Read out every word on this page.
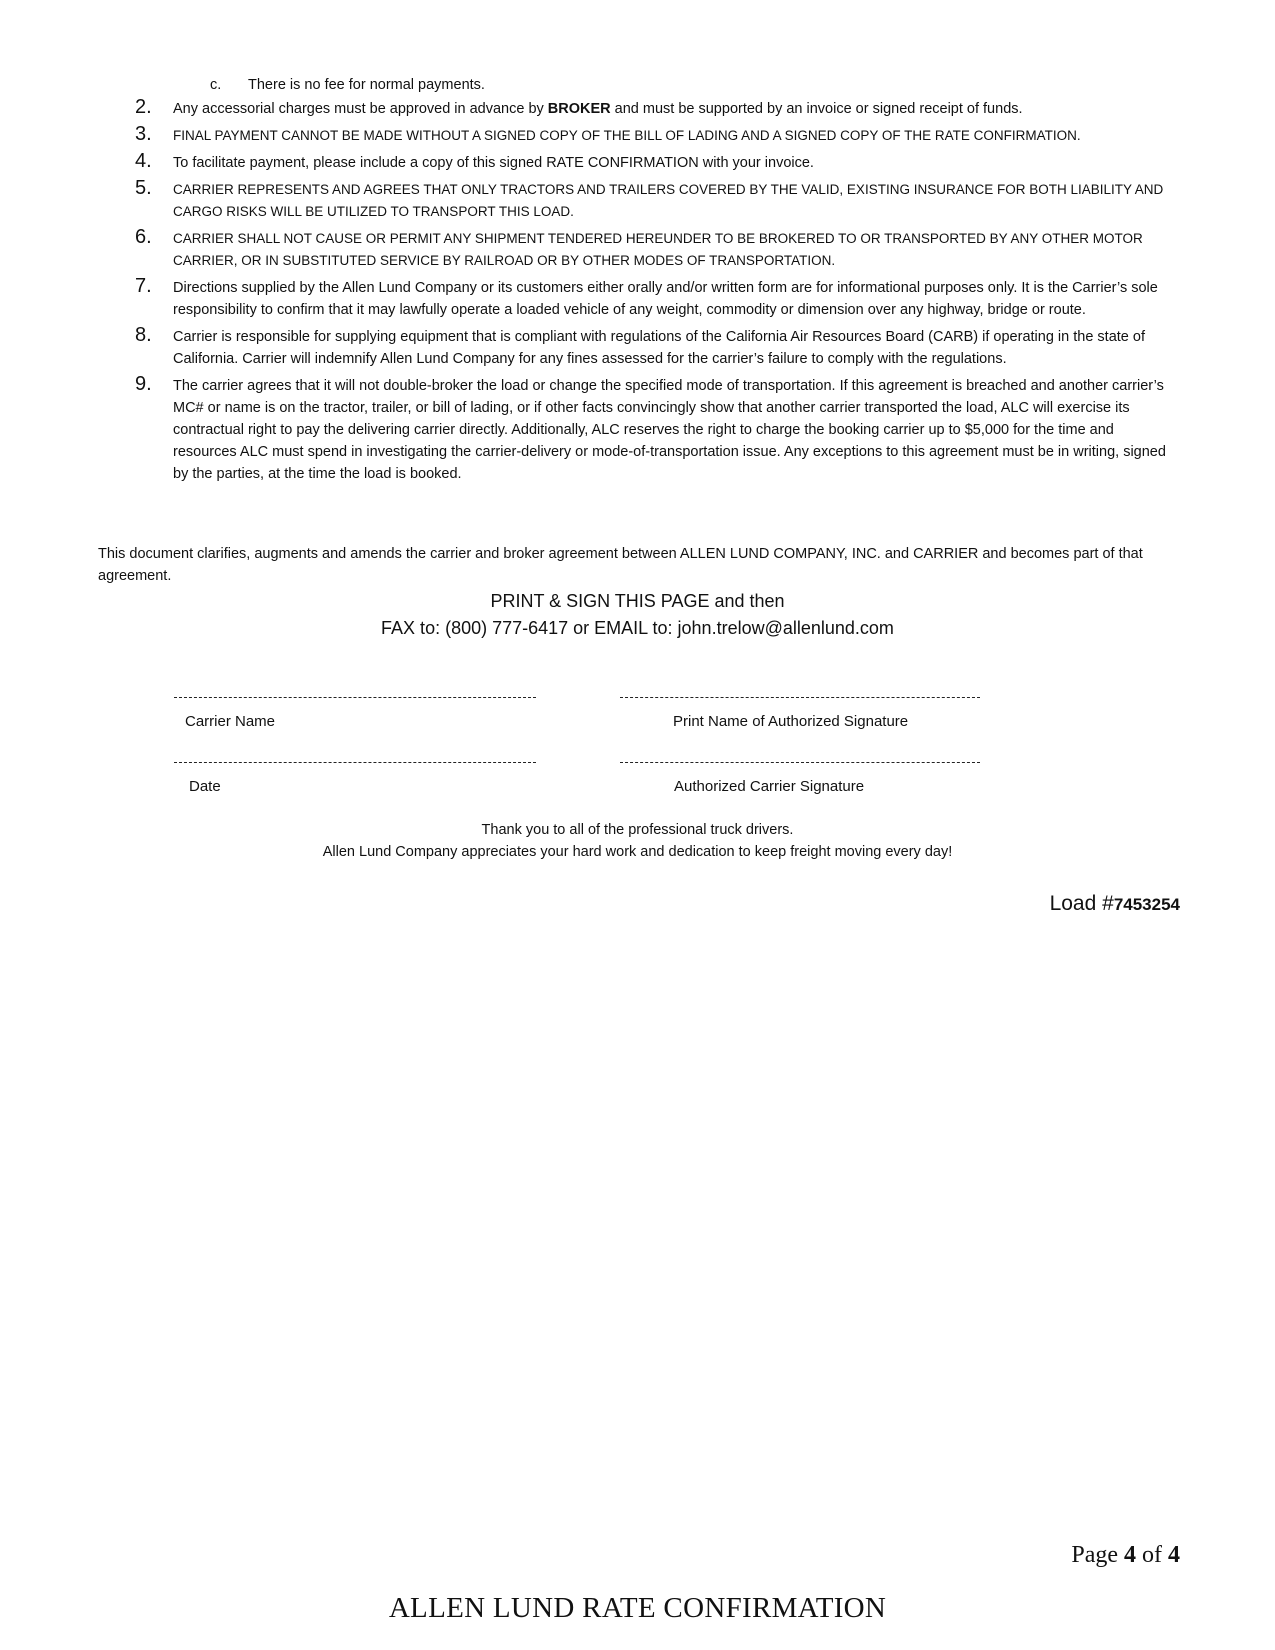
c. There is no fee for normal payments.
2. Any accessorial charges must be approved in advance by BROKER and must be supported by an invoice or signed receipt of funds.
3. FINAL PAYMENT CANNOT BE MADE WITHOUT A SIGNED COPY OF THE BILL OF LADING AND A SIGNED COPY OF THE RATE CONFIRMATION.
4. To facilitate payment, please include a copy of this signed RATE CONFIRMATION with your invoice.
5. CARRIER REPRESENTS AND AGREES THAT ONLY TRACTORS AND TRAILERS COVERED BY THE VALID, EXISTING INSURANCE FOR BOTH LIABILITY AND CARGO RISKS WILL BE UTILIZED TO TRANSPORT THIS LOAD.
6. CARRIER SHALL NOT CAUSE OR PERMIT ANY SHIPMENT TENDERED HEREUNDER TO BE BROKERED TO OR TRANSPORTED BY ANY OTHER MOTOR CARRIER, OR IN SUBSTITUTED SERVICE BY RAILROAD OR BY OTHER MODES OF TRANSPORTATION.
7. Directions supplied by the Allen Lund Company or its customers either orally and/or written form are for informational purposes only. It is the Carrier’s sole responsibility to confirm that it may lawfully operate a loaded vehicle of any weight, commodity or dimension over any highway, bridge or route.
8. Carrier is responsible for supplying equipment that is compliant with regulations of the California Air Resources Board (CARB) if operating in the state of California. Carrier will indemnify Allen Lund Company for any fines assessed for the carrier’s failure to comply with the regulations.
9. The carrier agrees that it will not double-broker the load or change the specified mode of transportation. If this agreement is breached and another carrier’s MC# or name is on the tractor, trailer, or bill of lading, or if other facts convincingly show that another carrier transported the load, ALC will exercise its contractual right to pay the delivering carrier directly. Additionally, ALC reserves the right to charge the booking carrier up to $5,000 for the time and resources ALC must spend in investigating the carrier-delivery or mode-of-transportation issue. Any exceptions to this agreement must be in writing, signed by the parties, at the time the load is booked.
This document clarifies, augments and amends the carrier and broker agreement between ALLEN LUND COMPANY, INC. and CARRIER and becomes part of that agreement.
PRINT & SIGN THIS PAGE and then
FAX to: (800) 777-6417 or EMAIL to: john.trelow@allenlund.com
Carrier Name	Print Name of Authorized Signature
Date	Authorized Carrier Signature
Thank you to all of the professional truck drivers.
Allen Lund Company appreciates your hard work and dedication to keep freight moving every day!
Load #7453254
Page 4 of 4
ALLEN LUND RATE CONFIRMATION
